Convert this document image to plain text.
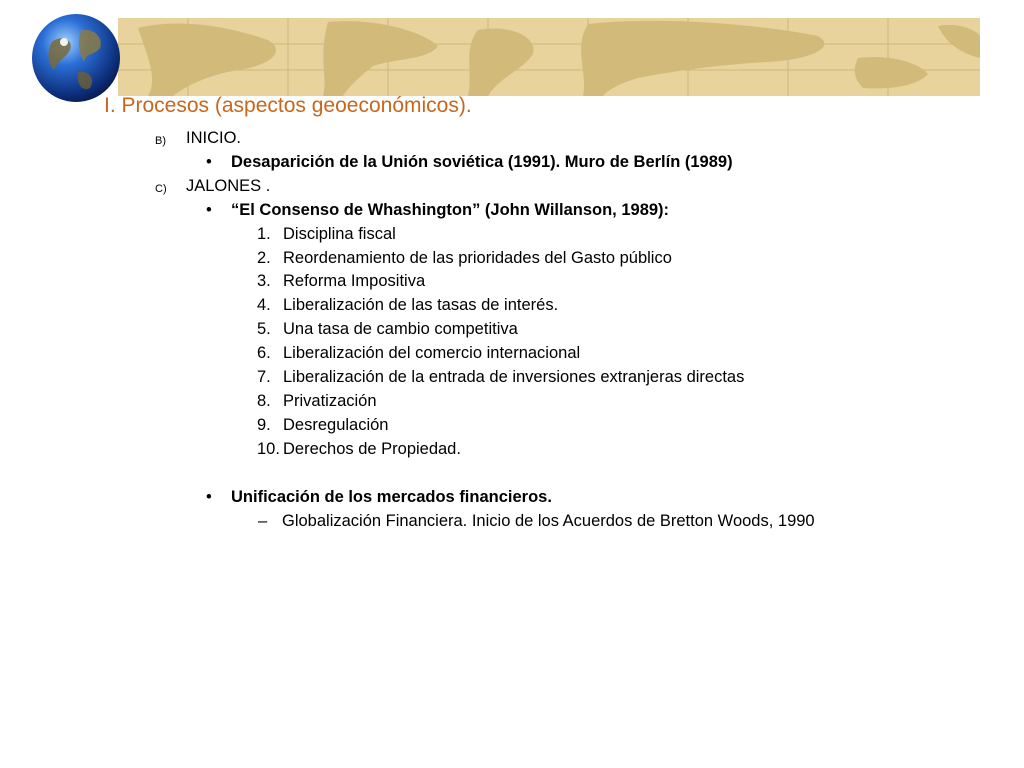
I. Procesos (aspectos geoeconómicos).
B) INICIO.
• Desaparición de la Unión soviética (1991). Muro de Berlín (1989)
C) JALONES .
• “El Consenso de Whashington” (John Willanson, 1989):
1. Disciplina fiscal
2. Reordenamiento de las prioridades del Gasto público
3. Reforma Impositiva
4. Liberalización de las tasas de interés.
5. Una tasa de cambio competitiva
6. Liberalización del comercio internacional
7. Liberalización de la entrada de inversiones extranjeras directas
8. Privatización
9. Desregulación
10. Derechos de Propiedad.
• Unificación de los mercados financieros.
– Globalización Financiera. Inicio de los Acuerdos de Bretton Woods, 1990
